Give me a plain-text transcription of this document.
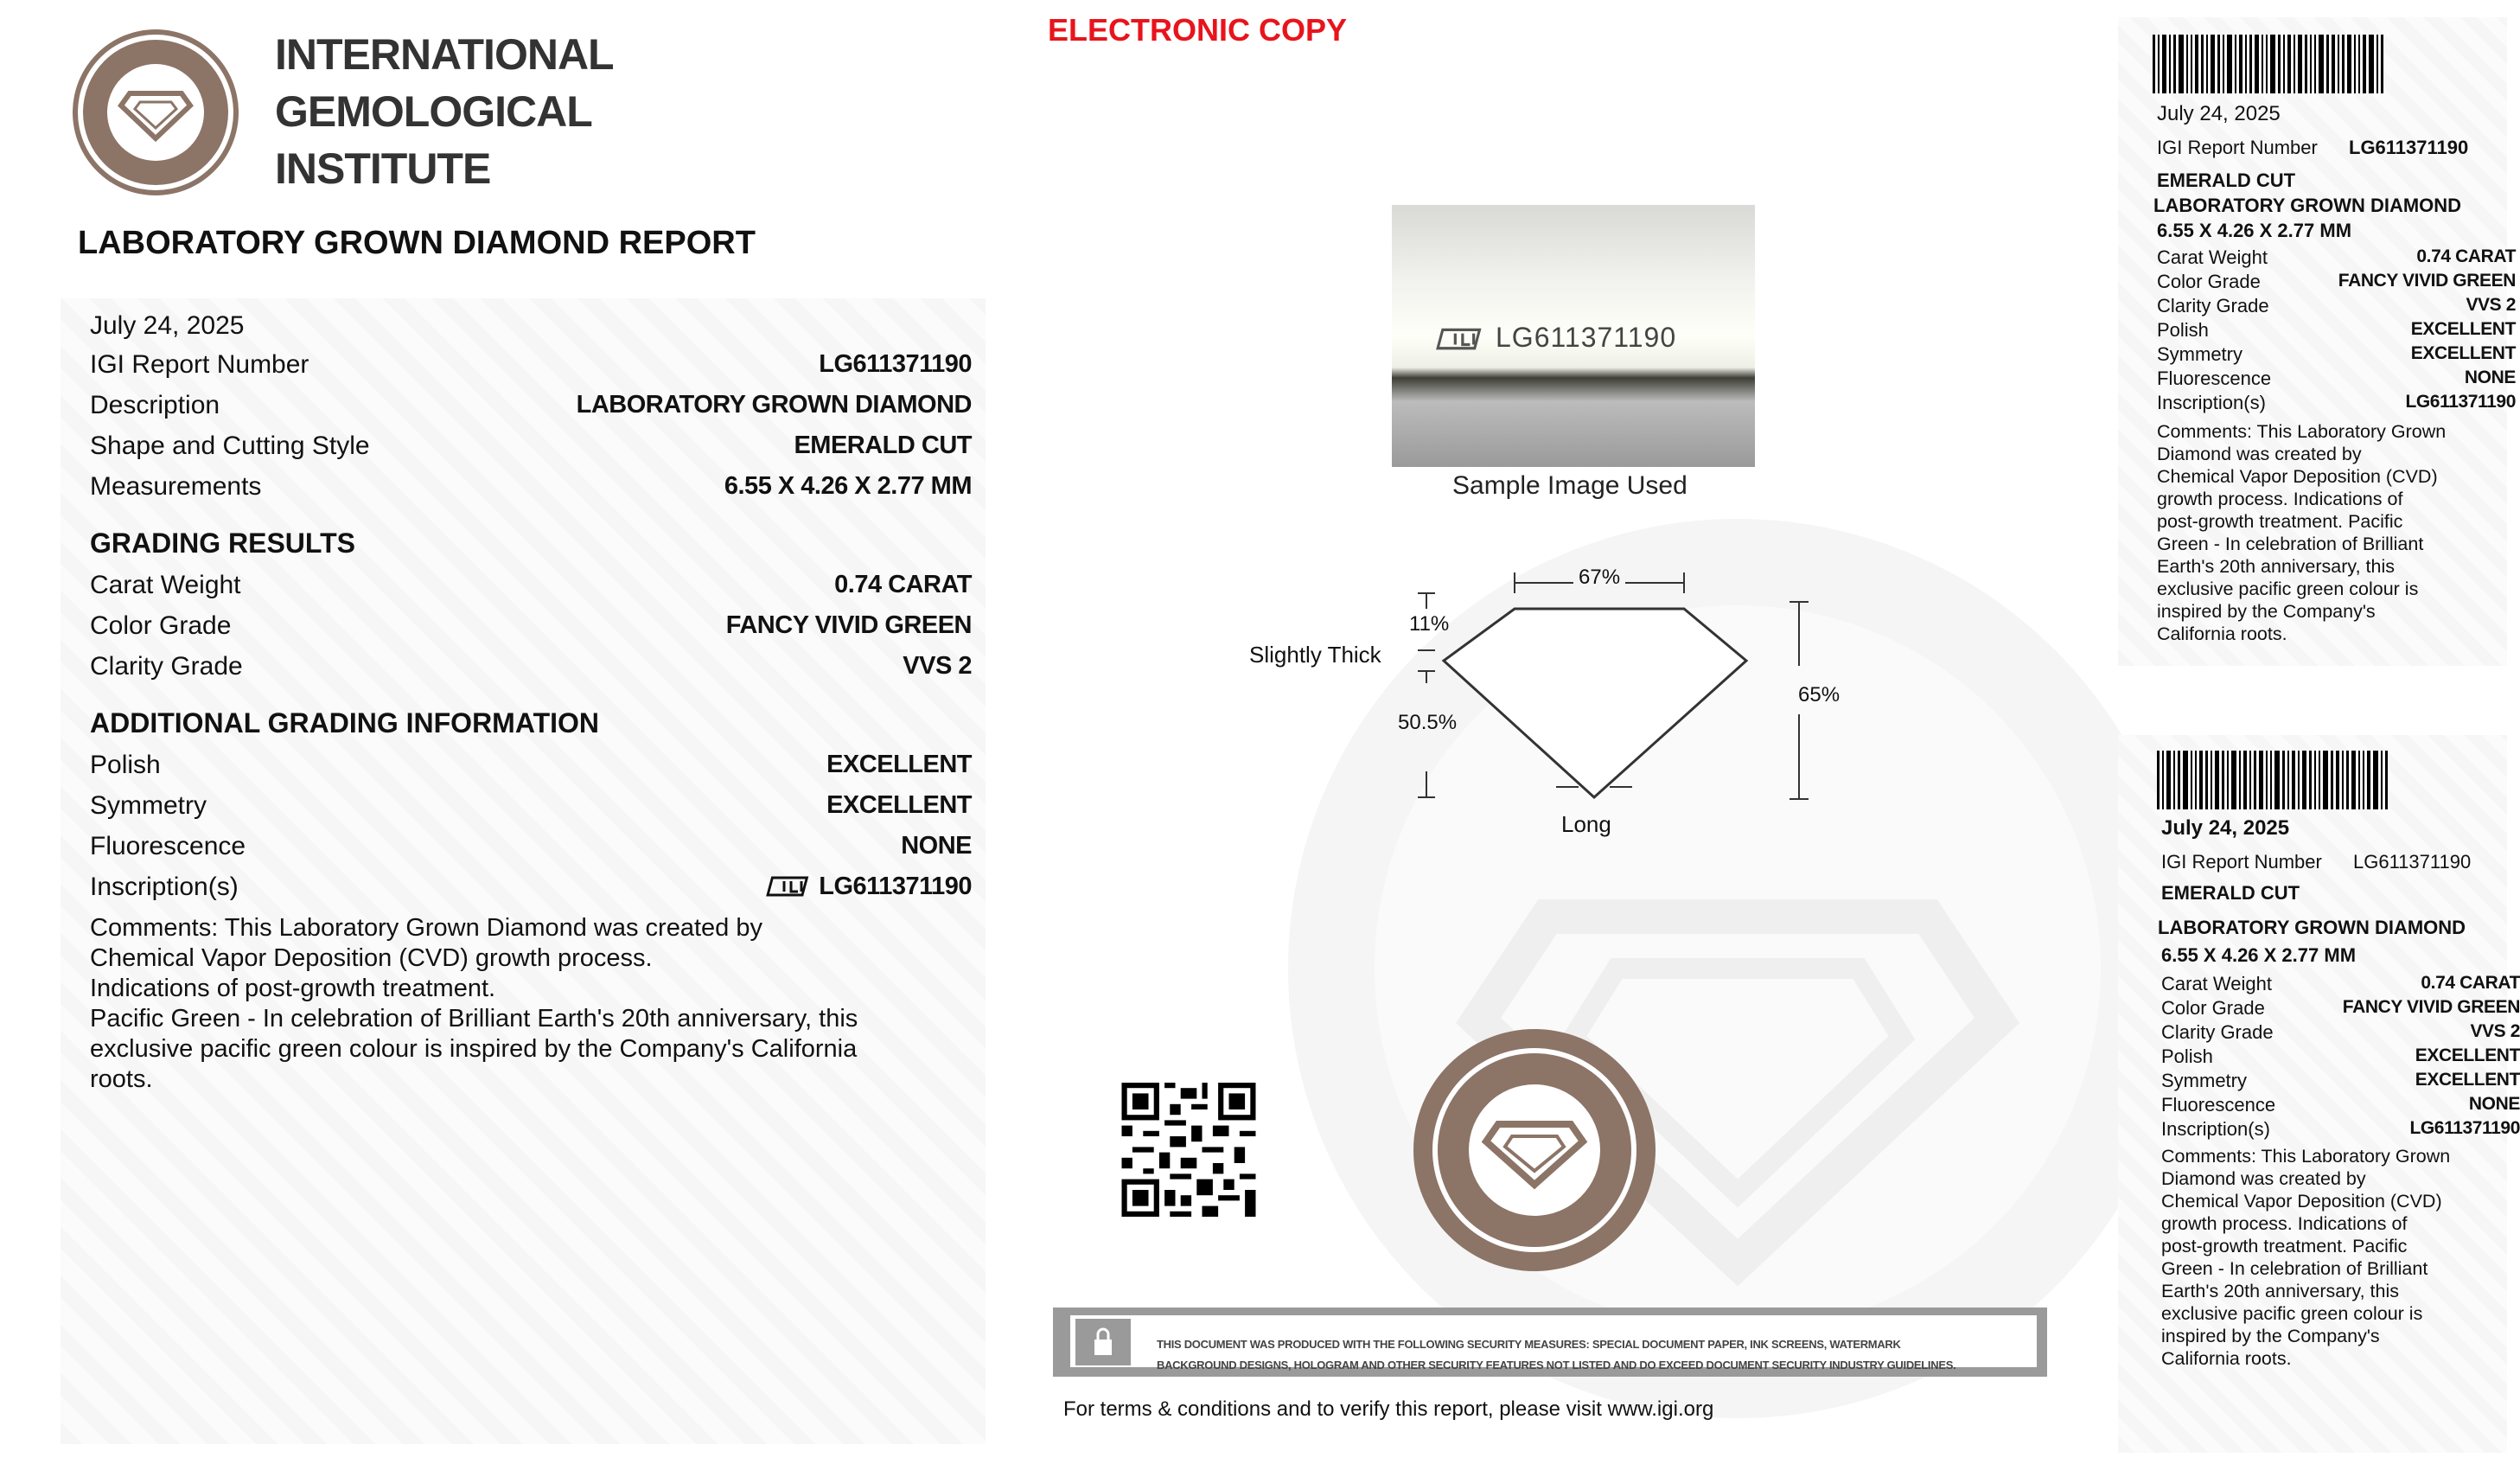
INTERNATIONAL
GEMOLOGICAL
INSTITUTE
ELECTRONIC COPY
LABORATORY GROWN DIAMOND REPORT
July 24, 2025
IGI Report Number	LG611371190
Description	LABORATORY GROWN DIAMOND
Shape and Cutting Style	EMERALD CUT
Measurements	6.55 X 4.26 X 2.77 MM
GRADING RESULTS
Carat Weight	0.74 CARAT
Color Grade	FANCY VIVID GREEN
Clarity Grade	VVS 2
ADDITIONAL GRADING INFORMATION
Polish	EXCELLENT
Symmetry	EXCELLENT
Fluorescence	NONE
Inscription(s)	LG611371190
Comments: This Laboratory Grown Diamond was created by
Chemical Vapor Deposition (CVD) growth process.
Indications of post-growth treatment.
Pacific Green - In celebration of Brilliant Earth's 20th anniversary, this
exclusive pacific green colour is inspired by the Company's California
roots.
LG611371190
Sample Image Used
67%
11%
Slightly Thick
50.5%
65%
Long
THIS DOCUMENT WAS PRODUCED WITH THE FOLLOWING SECURITY MEASURES: SPECIAL DOCUMENT PAPER, INK SCREENS, WATERMARK
BACKGROUND DESIGNS, HOLOGRAM AND OTHER SECURITY FEATURES NOT LISTED AND DO EXCEED DOCUMENT SECURITY INDUSTRY GUIDELINES.
For terms & conditions and to verify this report, please visit www.igi.org
July 24, 2025
IGI Report Number LG611371190
EMERALD CUT
LABORATORY GROWN DIAMOND
6.55 X 4.26 X 2.77 MM
Carat Weight	0.74 CARAT
Color Grade	FANCY VIVID GREEN
Clarity Grade	VVS 2
Polish	EXCELLENT
Symmetry	EXCELLENT
Fluorescence	NONE
Inscription(s)	LG611371190
Comments: This Laboratory Grown
Diamond was created by
Chemical Vapor Deposition (CVD)
growth process. Indications of
post-growth treatment. Pacific
Green - In celebration of Brilliant
Earth's 20th anniversary, this
exclusive pacific green colour is
inspired by the Company's
California roots.
July 24, 2025
IGI Report Number LG611371190
EMERALD CUT
LABORATORY GROWN DIAMOND
6.55 X 4.26 X 2.77 MM
Carat Weight	0.74 CARAT
Color Grade	FANCY VIVID GREEN
Clarity Grade	VVS 2
Polish	EXCELLENT
Symmetry	EXCELLENT
Fluorescence	NONE
Inscription(s)	LG611371190
Comments: This Laboratory Grown
Diamond was created by
Chemical Vapor Deposition (CVD)
growth process. Indications of
post-growth treatment. Pacific
Green - In celebration of Brilliant
Earth's 20th anniversary, this
exclusive pacific green colour is
inspired by the Company's
California roots.
